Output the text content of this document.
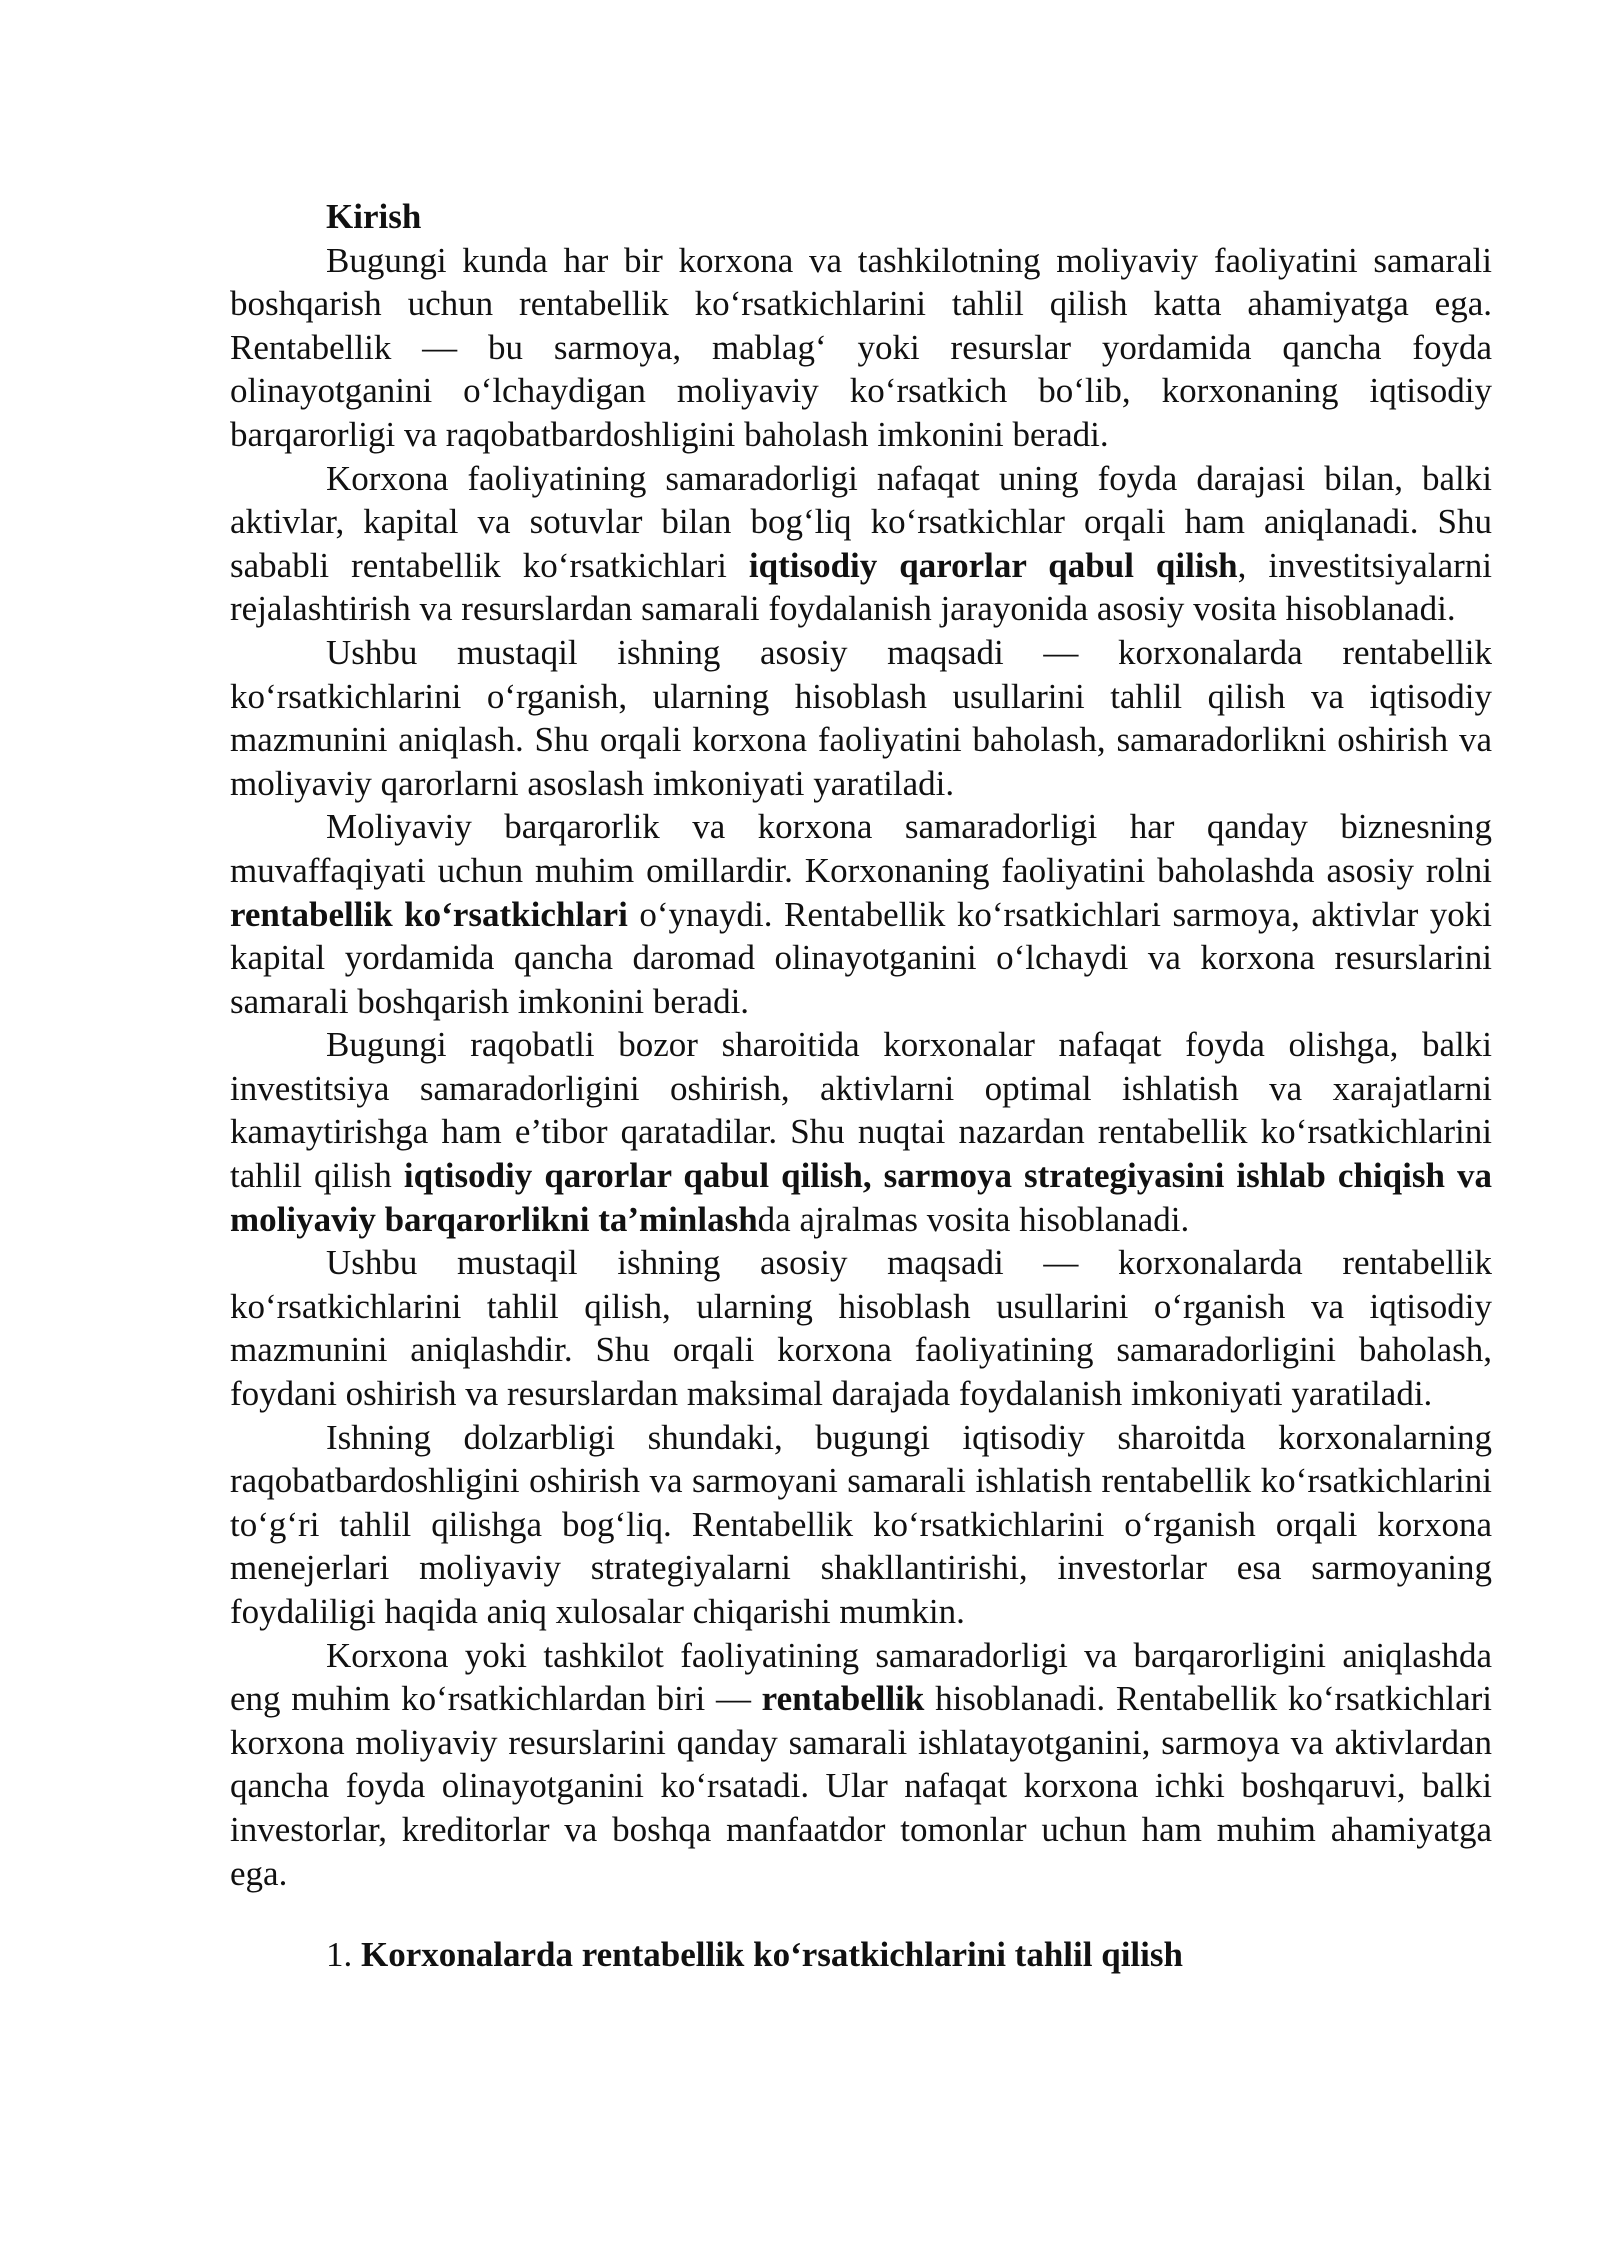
Kirish

Bugungi kunda har bir korxona va tashkilotning moliyaviy faoliyatini samarali boshqarish uchun rentabellik ko‘rsatkichlarini tahlil qilish katta ahamiyatga ega. Rentabellik — bu sarmoya, mablag‘ yoki resurslar yordamida qancha foyda olinayotganini o‘lchaydigan moliyaviy ko‘rsatkich bo‘lib, korxonaning iqtisodiy barqarorligi va raqobatbardoshligini baholash imkonini beradi.

Korxona faoliyatining samaradorligi nafaqat uning foyda darajasi bilan, balki aktivlar, kapital va sotuvlar bilan bog‘liq ko‘rsatkichlar orqali ham aniqlanadi. Shu sababli rentabellik ko‘rsatkichlari iqtisodiy qarorlar qabul qilish, investitsiyalarni rejalashtirish va resurslardan samarali foydalanish jarayonida asosiy vosita hisoblanadi.

Ushbu mustaqil ishning asosiy maqsadi — korxonalarda rentabellik ko‘rsatkichlarini o‘rganish, ularning hisoblash usullarini tahlil qilish va iqtisodiy mazmunini aniqlash. Shu orqali korxona faoliyatini baholash, samaradorlikni oshirish va moliyaviy qarorlarni asoslash imkoniyati yaratiladi.

Moliyaviy barqarorlik va korxona samaradorligi har qanday biznesning muvaffaqiyati uchun muhim omillardir. Korxonaning faoliyatini baholashda asosiy rolni rentabellik ko‘rsatkichlari o‘ynaydi. Rentabellik ko‘rsatkichlari sarmoya, aktivlar yoki kapital yordamida qancha daromad olinayotganini o‘lchaydi va korxona resurslarini samarali boshqarish imkonini beradi.

Bugungi raqobatli bozor sharoitida korxonalar nafaqat foyda olishga, balki investitsiya samaradorligini oshirish, aktivlarni optimal ishlatish va xarajatlarni kamaytirishga ham e’tibor qaratadilar. Shu nuqtai nazardan rentabellik ko‘rsatkichlarini tahlil qilish iqtisodiy qarorlar qabul qilish, sarmoya strategiyasini ishlab chiqish va moliyaviy barqarorlikni ta’minlashda ajralmas vosita hisoblanadi.

Ushbu mustaqil ishning asosiy maqsadi — korxonalarda rentabellik ko‘rsatkichlarini tahlil qilish, ularning hisoblash usullarini o‘rganish va iqtisodiy mazmunini aniqlashdir. Shu orqali korxona faoliyatining samaradorligini baholash, foydani oshirish va resurslardan maksimal darajada foydalanish imkoniyati yaratiladi.

Ishning dolzarbligi shundaki, bugungi iqtisodiy sharoitda korxonalarning raqobatbardoshligini oshirish va sarmoyani samarali ishlatish rentabellik ko‘rsatkichlarini to‘g‘ri tahlil qilishga bog‘liq. Rentabellik ko‘rsatkichlarini o‘rganish orqali korxona menejerlari moliyaviy strategiyalarni shakllantirishi, investorlar esa sarmoyaning foydaliligi haqida aniq xulosalar chiqarishi mumkin.

Korxona yoki tashkilot faoliyatining samaradorligi va barqarorligini aniqlashda eng muhim ko‘rsatkichlardan biri — rentabellik hisoblanadi. Rentabellik ko‘rsatkichlari korxona moliyaviy resurslarini qanday samarali ishlatayotganini, sarmoya va aktivlardan qancha foyda olinayotganini ko‘rsatadi. Ular nafaqat korxona ichki boshqaruvi, balki investorlar, kreditorlar va boshqa manfaatdor tomonlar uchun ham muhim ahamiyatga ega.

1. Korxonalarda rentabellik ko‘rsatkichlarini tahlil qilish
